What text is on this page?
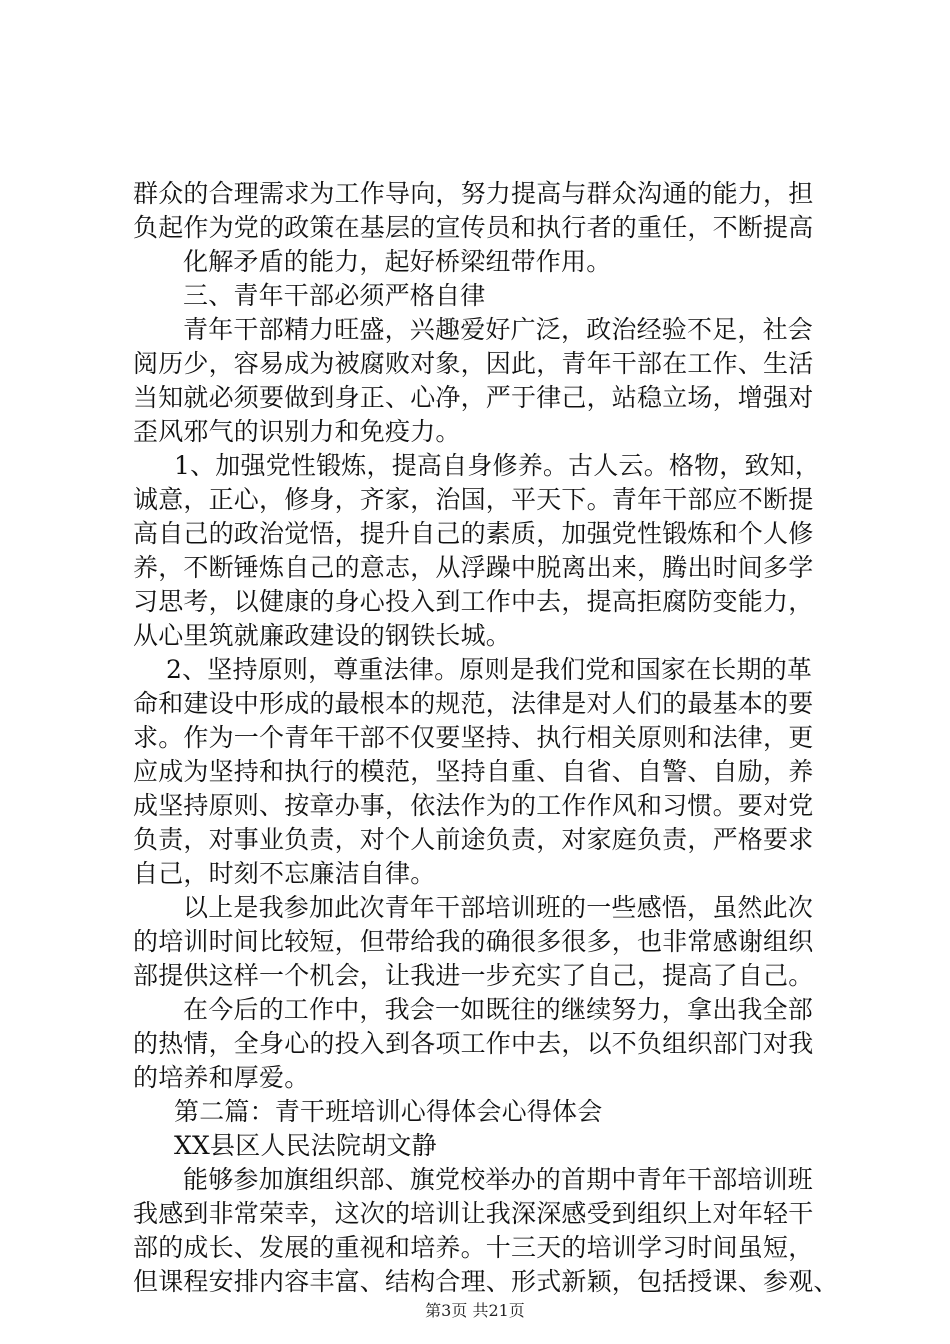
群众的合理需求为工作导向，努力提高与群众沟通的能力，担
负起作为党的政策在基层的宣传员和执行者的重任，不断提高
化解矛盾的能力，起好桥梁纽带作用。
三、青年干部必须严格自律
青年干部精力旺盛，兴趣爱好广泛，政治经验不足，社会
阅历少，容易成为被腐败对象，因此，青年干部在工作、生活
当知就必须要做到身正、心净，严于律己，站稳立场，增强对
歪风邪气的识别力和免疫力。
1、加强党性锻炼，提高自身修养。古人云。格物，致知，
诚意，正心，修身，齐家，治国，平天下。青年干部应不断提
高自己的政治觉悟，提升自己的素质，加强党性锻炼和个人修
养，不断锤炼自己的意志，从浮躁中脱离出来，腾出时间多学
习思考，以健康的身心投入到工作中去，提高拒腐防变能力，
从心里筑就廉政建设的钢铁长城。
2、坚持原则，尊重法律。原则是我们党和国家在长期的革
命和建设中形成的最根本的规范，法律是对人们的最基本的要
求。作为一个青年干部不仅要坚持、执行相关原则和法律，更
应成为坚持和执行的模范，坚持自重、自省、自警、自励，养
成坚持原则、按章办事，依法作为的工作作风和习惯。要对党
负责，对事业负责，对个人前途负责，对家庭负责，严格要求
自己，时刻不忘廉洁自律。
以上是我参加此次青年干部培训班的一些感悟，虽然此次
的培训时间比较短，但带给我的确很多很多，也非常感谢组织
部提供这样一个机会，让我进一步充实了自己，提高了自己。
在今后的工作中，我会一如既往的继续努力，拿出我全部
的热情，全身心的投入到各项工作中去，以不负组织部门对我
的培养和厚爱。
第二篇：青干班培训心得体会心得体会
XX县区人民法院胡文静
能够参加旗组织部、旗党校举办的首期中青年干部培训班
我感到非常荣幸，这次的培训让我深深感受到组织上对年轻干
部的成长、发展的重视和培养。十三天的培训学习时间虽短，
但课程安排内容丰富、结构合理、形式新颖，包括授课、参观、
第3页 共21页
